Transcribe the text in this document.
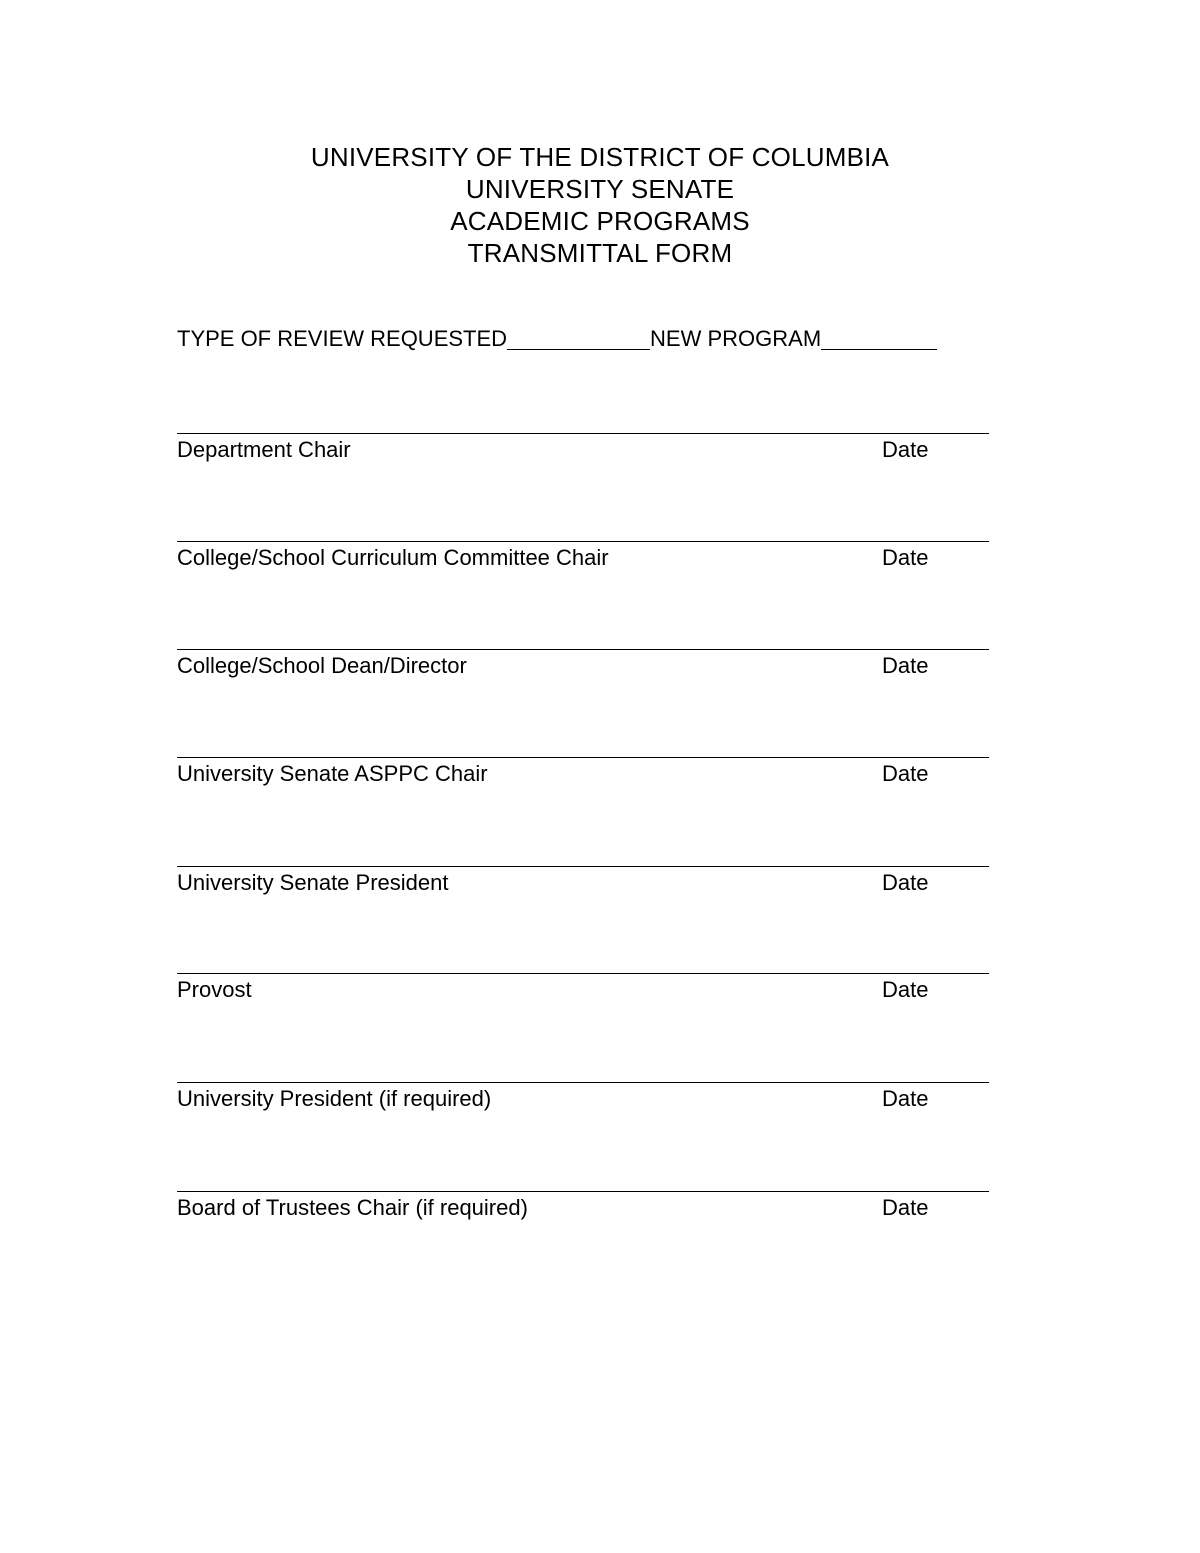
UNIVERSITY OF THE DISTRICT OF COLUMBIA
UNIVERSITY SENATE
ACADEMIC PROGRAMS
TRANSMITTAL FORM
TYPE OF REVIEW REQUESTED	NEW PROGRAM
Department Chair	Date
College/School Curriculum Committee Chair	Date
College/School Dean/Director	Date
University Senate ASPPC Chair	Date
University Senate President	Date
Provost	Date
University President (if required)	Date
Board of Trustees Chair (if required)	Date
